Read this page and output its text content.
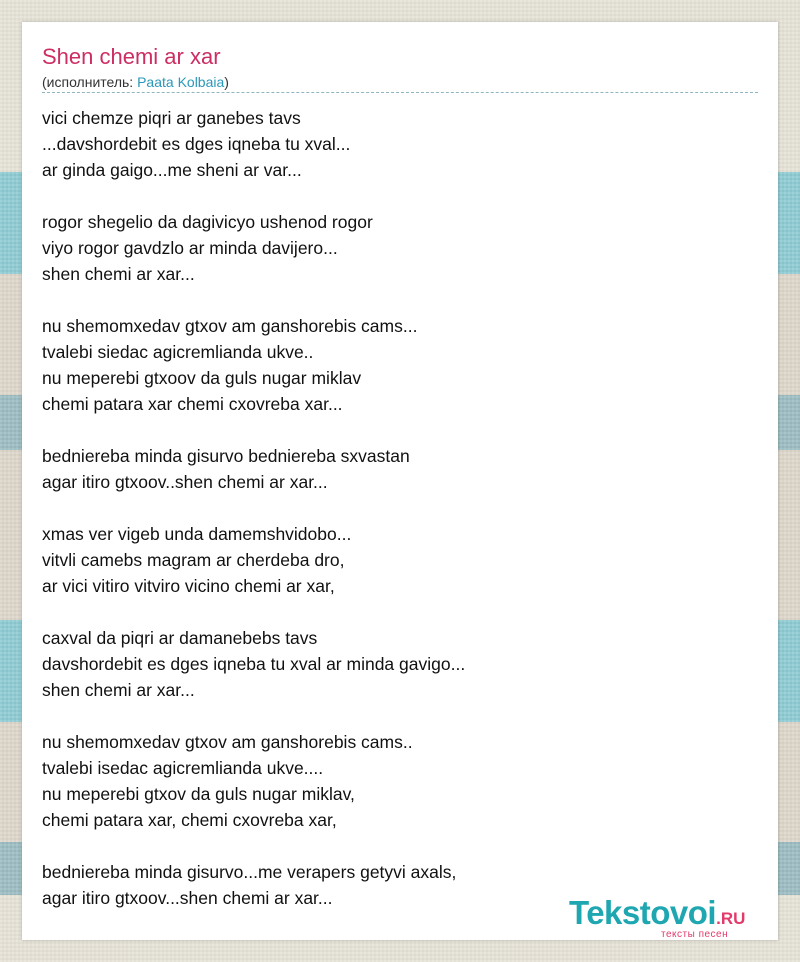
Shen chemi ar xar
(исполнитель: Paata Kolbaia)
vici chemze piqri ar ganebes tavs
...davshordebit es dges iqneba tu xval...
ar ginda gaigo...me sheni ar var...
rogor shegelio da dagivicyo ushenod rogor
viyo rogor gavdzlo ar minda davijero...
shen chemi ar xar...
nu shemomxedav gtxov am ganshorebis cams...
tvalebi siedac agicremlianda ukve..
nu meperebi gtxoov da guls nugar miklav
chemi patara xar chemi cxovreba xar...
bedniereba minda gisurvo bedniereba sxvastan
agar itiro gtxoov..shen chemi ar xar...
xmas ver vigeb unda damemshvidobo...
vitvli camebs magram ar cherdeba dro,
ar vici vitiro vitviro vicino chemi ar xar,
caxval da piqri ar damanebebs tavs
davshordebit es dges iqneba tu xval ar minda gavigo...
shen chemi ar xar...
nu shemomxedav gtxov am ganshorebis cams..
tvalebi isedac agicremlianda ukve....
nu meperebi gtxov da guls nugar miklav,
chemi patara xar, chemi cxovreba xar,
bedniereba minda gisurvo...me verapers getyvi axals,
agar itiro gtxoov...shen chemi ar xar...	Tekstovoi.RU
тексты песен
